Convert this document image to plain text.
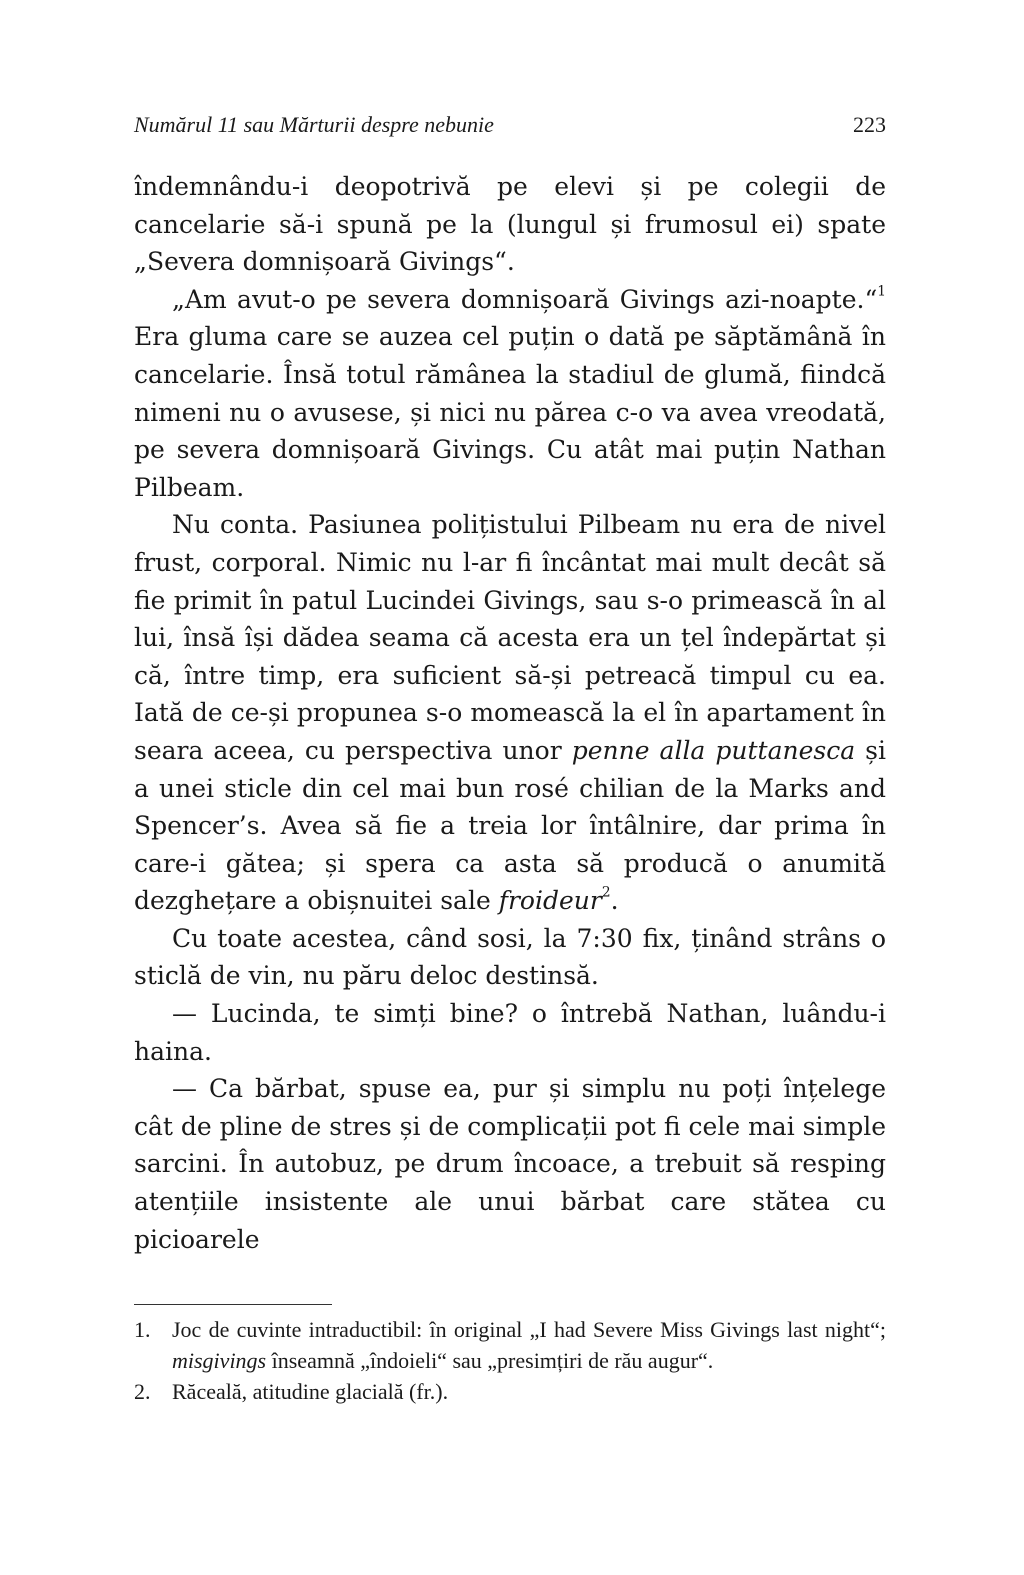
Numărul 11 sau Mărturii despre nebunie	223

îndemnându-i deopotrivă pe elevi și pe colegii de cancelarie să-i spună pe la (lungul și frumosul ei) spate „Severa domnișoară Givings“.

„Am avut-o pe severa domnișoară Givings azi-noapte.“$^1$ Era gluma care se auzea cel puțin o dată pe săptămână în cancelarie. Însă totul rămânea la stadiul de glumă, fiindcă nimeni nu o avusese, și nici nu părea c-o va avea vreodată, pe severa domnișoară Givings. Cu atât mai puțin Nathan Pilbeam.

Nu conta. Pasiunea polițistului Pilbeam nu era de nivel frust, corporal. Nimic nu l-ar fi încântat mai mult decât să fie primit în patul Lucindei Givings, sau s-o primească în al lui, însă își dădea seama că acesta era un țel îndepărtat și că, între timp, era suficient să-și petreacă timpul cu ea. Iată de ce-și propunea s-o momească la el în apartament în seara aceea, cu perspectiva unor penne alla puttanesca și a unei sticle din cel mai bun rosé chilian de la Marks and Spencer’s. Avea să fie a treia lor întâlnire, dar prima în care-i gătea; și spera ca asta să producă o anumită dezghețare a obișnuitei sale froideur$^2$.

Cu toate acestea, când sosi, la 7:30 fix, ținând strâns o sticlă de vin, nu păru deloc destinsă.

— Lucinda, te simți bine? o întrebă Nathan, luându-i haina.

— Ca bărbat, spuse ea, pur și simplu nu poți înțelege cât de pline de stres și de complicații pot fi cele mai simple sarcini. În autobuz, pe drum încoace, a trebuit să resping atențiile insistente ale unui bărbat care stătea cu picioarele

1. Joc de cuvinte intraductibil: în original „I had Severe Miss Givings last night“; misgivings înseamnă „îndoieli“ sau „presimțiri de rău augur“.
2. Răceală, atitudine glacială (fr.).
